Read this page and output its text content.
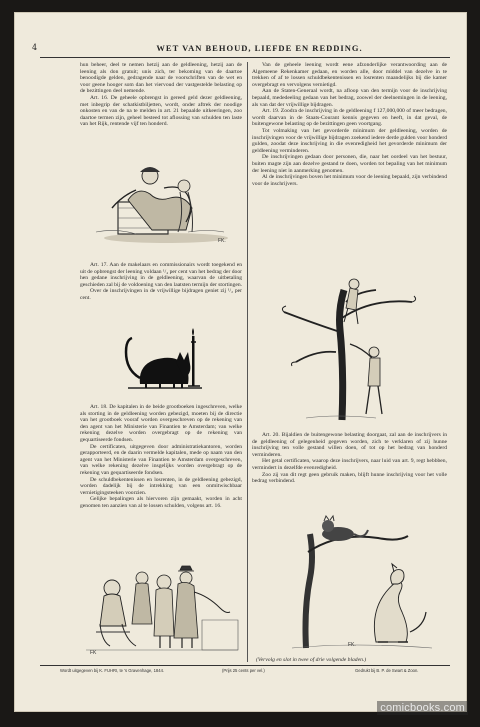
4	WET VAN BEHOUD, LIEFDE EN REDDING.

hun beheer, deel te nemen hetzij aan de geldleening, hetzij aan de leening als don gratuit; unis zich, ter bekoming van de daartoe benoodigde gelden, gedragende naar de voorschriften van de wet en voor geene hooger som dan het viervoud der vastgestelde belasting op de bezittingen deel nemende.

Art. 16. De geheele opbrengst in gereed geld dezer geldleening, met inbegrip der schatkistbiljetten, wordt, onder aftrek der noodige onkosten en van de na te melden in art. 21 bepaalde uitkeeringen, zoo daartoe termen zijn, geheel besteed tot aflossing van schulden ten laste van het Rijk, rentende vijf ten honderd.

FK.

Art. 17. Aan de makelaars en commissionairs wordt toegekend en uit de opbrengst der leening voldaan ¹/₄ per cent van het bedrag der door hen gedane inschrijving in de geldleening, waarvan de uitbetaling geschieden zal bij de voldoening van den laatsten termijn der stortingen.

Over de inschrijvingen in de vrijwillige bijdragen geniet zij ¹/₂ per cent.

Art. 18. De kapitalen in de beide grootboeken ingeschreven, welke als storting in de geldleening worden gebezigd, moeten bij de directie van het grootboek vooraf worden overgeschreven op de rekening van den agent van het Ministerie van Finantien te Amsterdam; van welke rekening dezelve worden overgebragt op de rekening van gequartiseerde fondsen.

De certificaten, uitgegeven door administratiekantoren, worden gerapporteerd, en de daarin vermelde kapitalen, mede op naam van den agent van het Ministerie van Finantien te Amsterdam overgeschreven, van welke rekening dezelve insgelijks worden overgebragt op de rekening van gequartiseerde fondsen.

De schuldbekentenissen en losrenten, in de geldleening gebezigd, worden dadelijk bij de intrekking van een onmitwischbaar vernietigingsteeken voorzien.

Gelijke bepalingen als hiervoren zijn gemaakt, worden in acht genomen ten aanzien van al te lossen schulden, volgens art. 16.

FK

Van de geheele leening wordt eene afzonderlijke verantwoording aan de Algemeene Rekenkamer gedaan, en worden alle, door middel van dezelve in te trekken of af te lossen schuldbekentenissen en losrenten maandelijks bij die kamer overgebragt en vervolgens vernietigd.

Aan de Staten-Generaal wordt, na afloop van den termijn voor de inschrijving bepaald, mededeeling gedaan van het bedrag, zoowel der deelnemingen in de leening, als van dat der vrijwillige bijdragen.

Art. 19. Zoodra de inschrijving in de geldleening f 127,000,000 of meer bedragen, wordt daarvan in de Staats-Courant kennis gegeven en heeft, in dat geval, de buitengewone belasting op de bezittingen geen voortgang.

Tot volmaking van het gevorderde minimum der geldleening, worden de inschrijvingen voor de vrijwillige bijdragen zoekend iedere derde gulden voor honderd gulden, zoodat deze inschrijving in die evenredigheid het gevorderde minimum der geldleening verminderen.

De inschrijvingen gedaan door personen, die, naar het oordeel van het bestuur, buiten magte zijn aan dezelve gestand te doen, worden tot bepaling van het minimum der leening niet in aanmerking genomen.

Al de inschrijvingen boven het minimum voor de leening bepaald, zijn verbindend voor de inschrijvers.

Art. 20. Bijaldien de buitengewone belasting doorgaat, zal aan de inschrijvers in de geldleening of gelegenheid gegeven worden, zich te verklaren of zij hunne inschrijving ten volle gestand willen doen, of tot op het bedrag van honderd verminderen.

Het getal certificaten, waarop deze inschrijvers, naar luid van art. 9, regt hebbben, vermindert in dezelfde evenredigheid.

Zoo zij van dit regt geen gebruik maken, blijft hunne inschrijving voor het volle bedrag verbindend.

FK.
(Vervolg en slot in twee of drie volgende bladen.)
Wordt uitgegeven bij K. FUHRI, te 's Gravenhage, 1844.	(Prijs 25 cents per vel.)	Gedrukt bij B. P. de Swart & Zoon.
comicbooks.com
